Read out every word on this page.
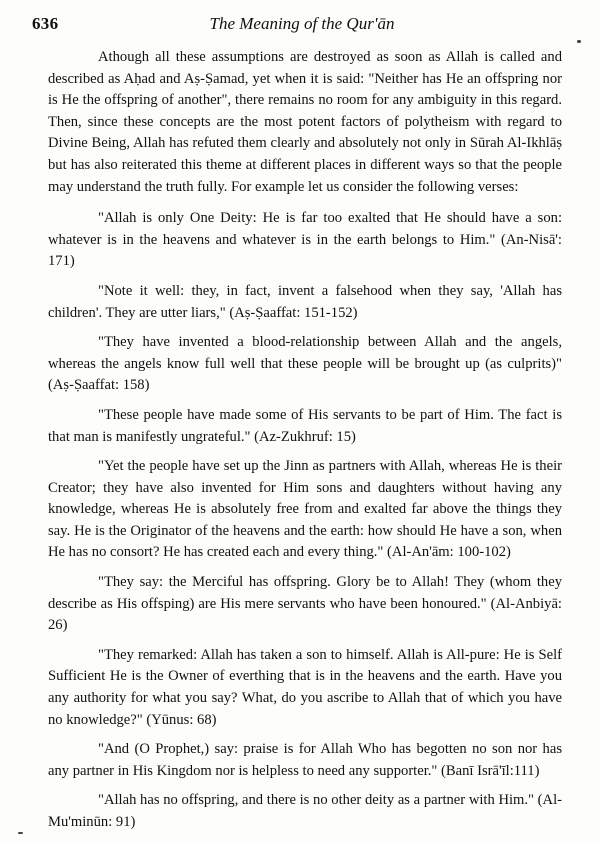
636	The Meaning of the Qur'ān

Athough all these assumptions are destroyed as soon as Allah is called and described as Aḥad and Aṣ-Ṣamad, yet when it is said: "Neither has He an offspring nor is He the offspring of another", there remains no room for any ambiguity in this regard. Then, since these concepts are the most potent factors of polytheism with regard to Divine Being, Allah has refuted them clearly and absolutely not only in Sūrah Al-Ikhlāṣ but has also reiterated this theme at different places in different ways so that the people may understand the truth fully. For example let us consider the following verses:

"Allah is only One Deity: He is far too exalted that He should have a son: whatever is in the heavens and whatever is in the earth belongs to Him." (An-Nisā': 171)

"Note it well: they, in fact, invent a falsehood when they say, 'Allah has children'. They are utter liars," (Aṣ-Ṣaaffat: 151-152)

"They have invented a blood-relationship between Allah and the angels, whereas the angels know full well that these people will be brought up (as culprits)" (Aṣ-Ṣaaffat: 158)

"These people have made some of His servants to be part of Him. The fact is that man is manifestly ungrateful." (Az-Zukhruf: 15)

"Yet the people have set up the Jinn as partners with Allah, whereas He is their Creator; they have also invented for Him sons and daughters without having any knowledge, whereas He is absolutely free from and exalted far above the things they say. He is the Originator of the heavens and the earth: how should He have a son, when He has no consort? He has created each and every thing." (Al-An'ām: 100-102)

"They say: the Merciful has offspring. Glory be to Allah! They (whom they describe as His offsping) are His mere servants who have been honoured." (Al-Anbiyā: 26)

"They remarked: Allah has taken a son to himself. Allah is All-pure: He is Self Sufficient He is the Owner of everthing that is in the heavens and the earth. Have you any authority for what you say? What, do you ascribe to Allah that of which you have no knowledge?" (Yūnus: 68)

"And (O Prophet,) say: praise is for Allah Who has begotten no son nor has any partner in His Kingdom nor is helpless to need any supporter." (Banī Isrā'īl:111)

"Allah has no offspring, and there is no other deity as a partner with Him." (Al-Mu'minūn: 91)
